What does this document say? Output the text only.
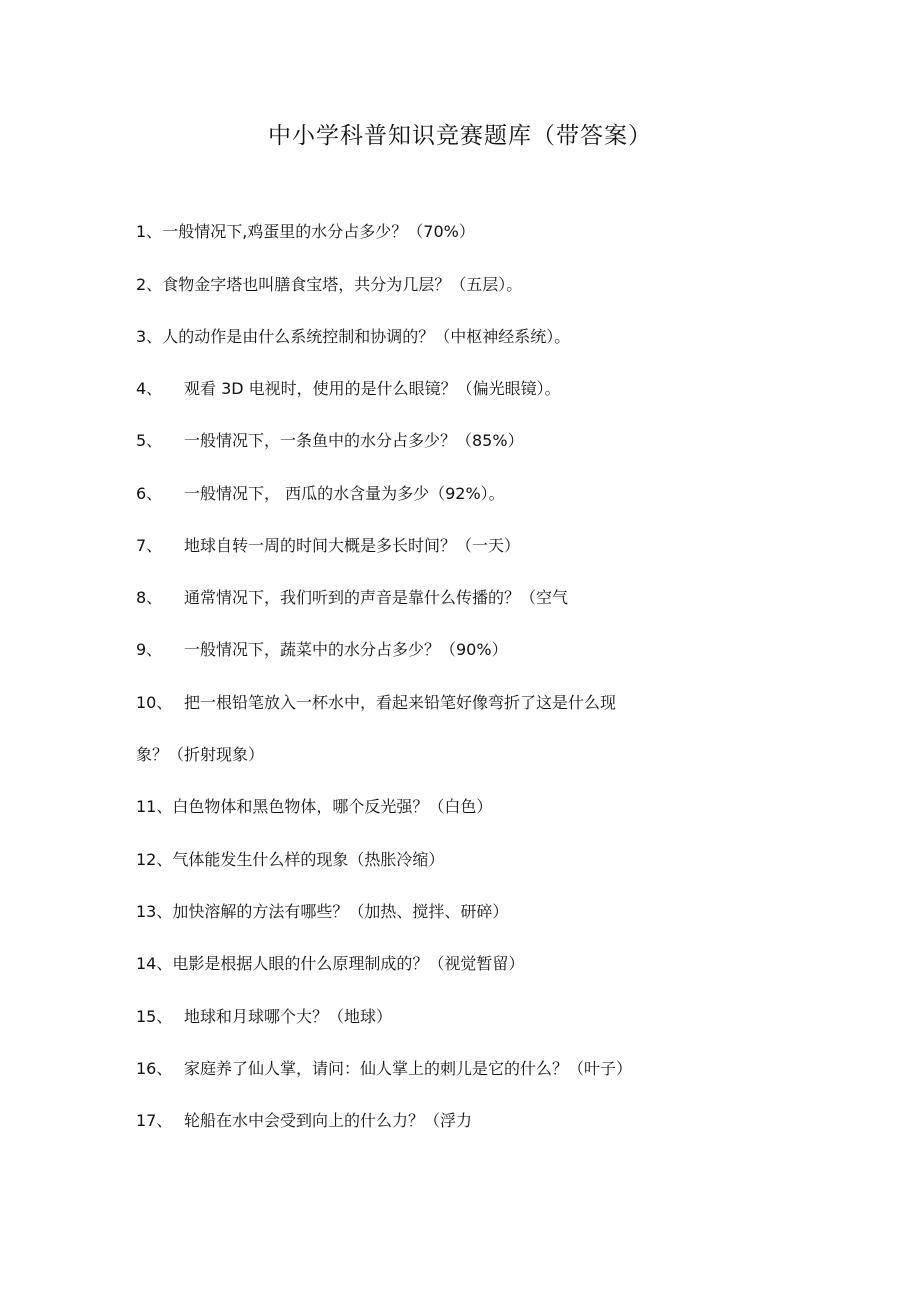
中小学科普知识竞赛题库（带答案）
1、一般情况下,鸡蛋里的水分占多少？（70%）
2、食物金字塔也叫膳食宝塔，共分为几层？（五层）。
3、人的动作是由什么系统控制和协调的？（中枢神经系统）。
4、 观看 3D 电视时，使用的是什么眼镜？（偏光眼镜）。
5、 一般情况下，一条鱼中的水分占多少？（85%）
6、 一般情况下， 西瓜的水含量为多少（92%）。
7、 地球自转一周的时间大概是多长时间？（一天）
8、 通常情况下，我们听到的声音是靠什么传播的？（空气
9、 一般情况下，蔬菜中的水分占多少？（90%）
10、 把一根铅笔放入一杯水中，看起来铅笔好像弯折了这是什么现
象？（折射现象）
11、白色物体和黑色物体，哪个反光强？（白色）
12、气体能发生什么样的现象（热胀冷缩）
13、加快溶解的方法有哪些？（加热、搅拌、研碎）
14、电影是根据人眼的什么原理制成的？（视觉暂留）
15、 地球和月球哪个大？（地球）
16、 家庭养了仙人掌，请问：仙人掌上的刺儿是它的什么？（叶子）
17、 轮船在水中会受到向上的什么力？（浮力
